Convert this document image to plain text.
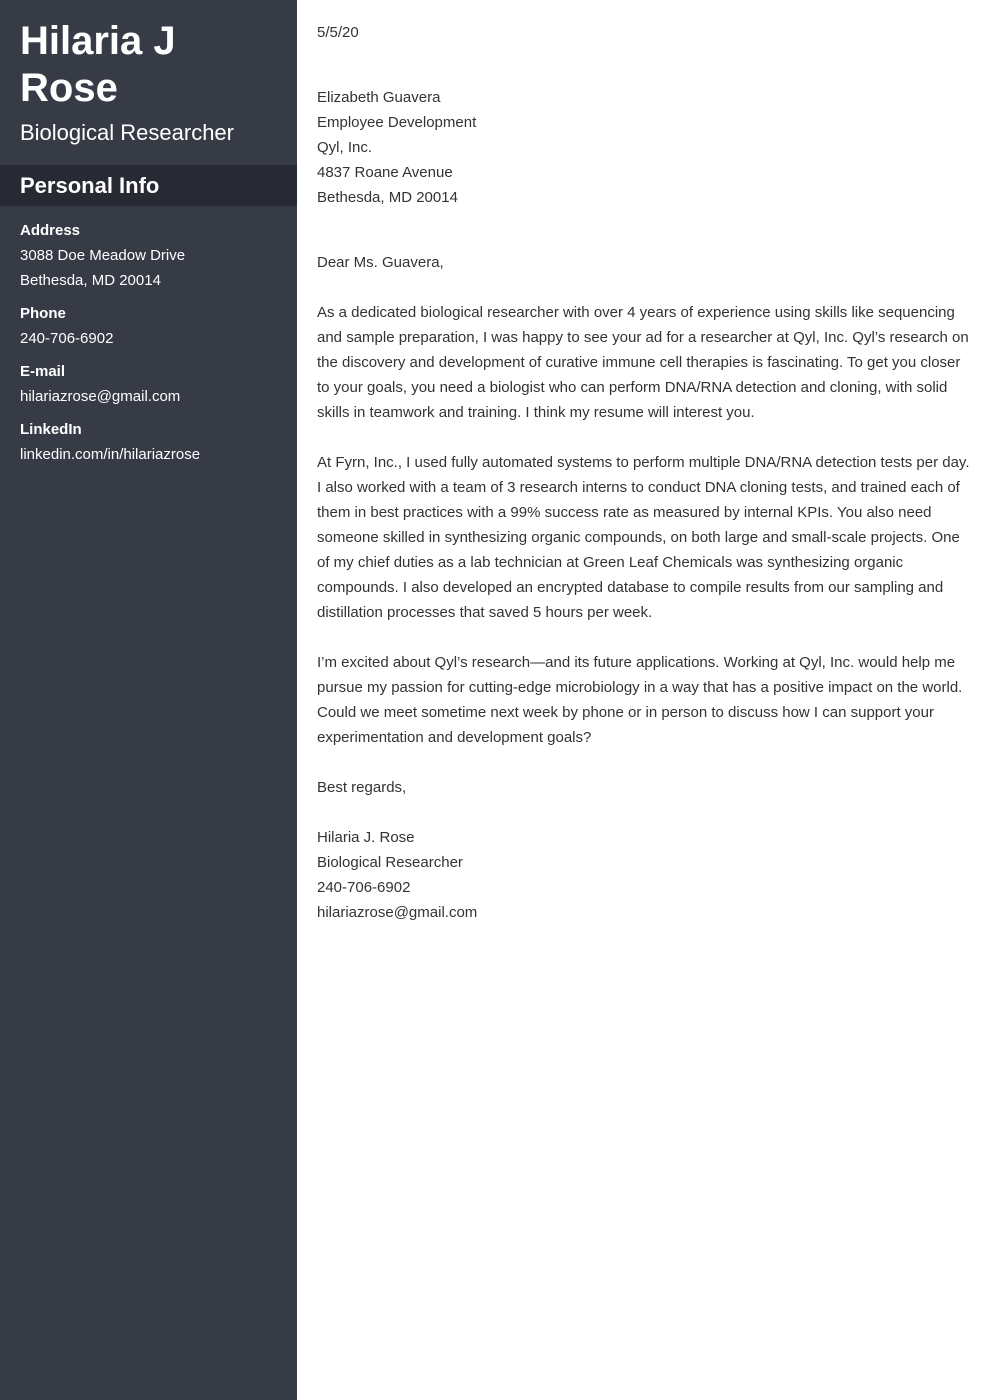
Hilaria J
Rose
Biological Researcher
Personal Info
Address
3088 Doe Meadow Drive
Bethesda, MD 20014
Phone
240-706-6902
E-mail
hilariazrose@gmail.com
LinkedIn
linkedin.com/in/hilariazrose
5/5/20
Elizabeth Guavera
Employee Development
Qyl, Inc.
4837 Roane Avenue
Bethesda, MD 20014

Dear Ms. Guavera,

As a dedicated biological researcher with over 4 years of experience using skills like sequencing and sample preparation, I was happy to see your ad for a researcher at Qyl, Inc. Qyl’s research on the discovery and development of curative immune cell therapies is fascinating. To get you closer to your goals, you need a biologist who can perform DNA/RNA detection and cloning, with solid skills in teamwork and training. I think my resume will interest you.

At Fyrn, Inc., I used fully automated systems to perform multiple DNA/RNA detection tests per day. I also worked with a team of 3 research interns to conduct DNA cloning tests, and trained each of them in best practices with a 99% success rate as measured by internal KPIs. You also need someone skilled in synthesizing organic compounds, on both large and small-scale projects. One of my chief duties as a lab technician at Green Leaf Chemicals was synthesizing organic compounds. I also developed an encrypted database to compile results from our sampling and distillation processes that saved 5 hours per week.

I’m excited about Qyl’s research—and its future applications. Working at Qyl, Inc. would help me pursue my passion for cutting-edge microbiology in a way that has a positive impact on the world. Could we meet sometime next week by phone or in person to discuss how I can support your experimentation and development goals?

Best regards,

Hilaria J. Rose
Biological Researcher
240-706-6902
hilariazrose@gmail.com
